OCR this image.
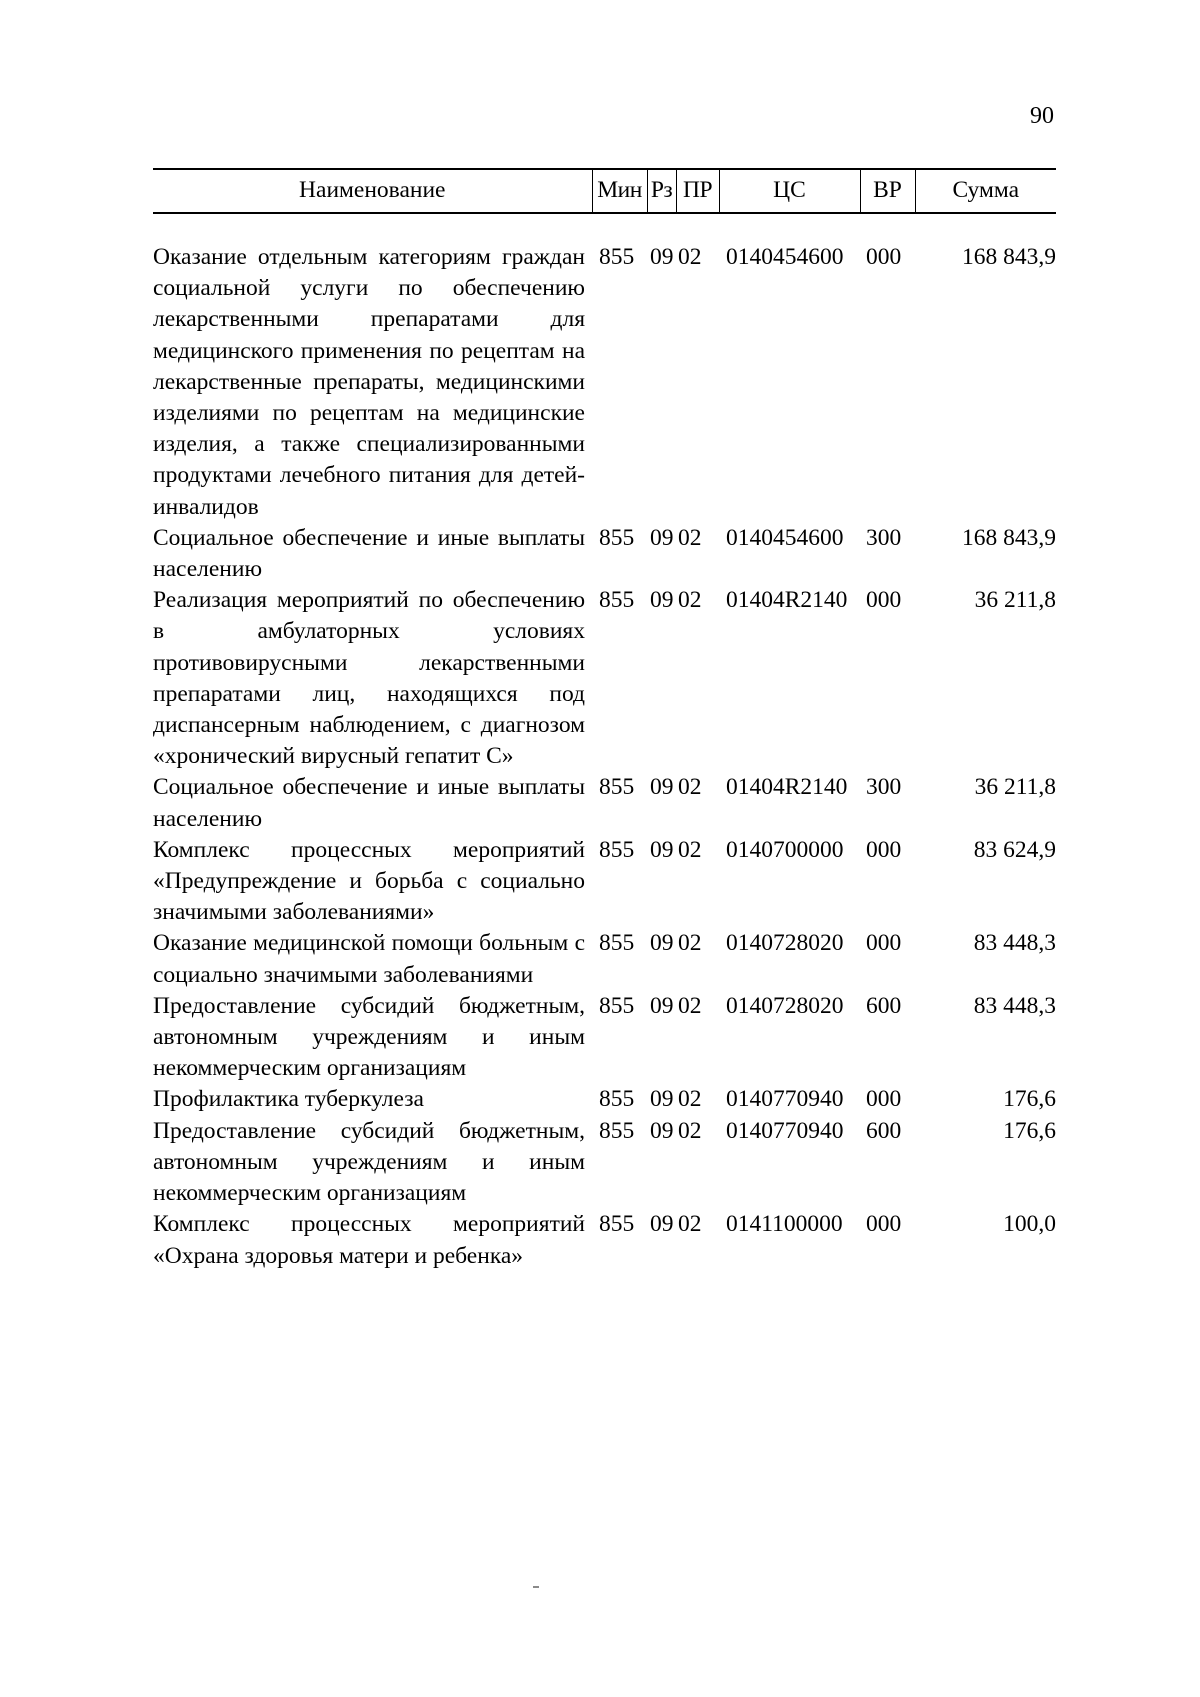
90
Наименование	Мин	Рз	ПР	ЦС	ВР	Сумма

Оказание отдельным категориям граждан социальной услуги по обеспечению лекарственными препаратами для медицинского применения по рецептам на лекарственные препараты, медицинскими изделиями по рецептам на медицинские изделия, а также специализированными продуктами лечебного питания для детей-инвалидов	855	09	02	0140454600	000	168 843,9
Социальное обеспечение и иные выплаты населению	855	09	02	0140454600	300	168 843,9
Реализация мероприятий по обеспечению в амбулаторных условиях противовирусными лекарственными препаратами лиц, находящихся под диспансерным наблюдением, с диагнозом «хронический вирусный гепатит С»	855	09	02	01404R2140	000	36 211,8
Социальное обеспечение и иные выплаты населению	855	09	02	01404R2140	300	36 211,8
Комплекс процессных мероприятий «Предупреждение и борьба с социально значимыми заболеваниями»	855	09	02	0140700000	000	83 624,9
Оказание медицинской помощи больным с социально значимыми заболеваниями	855	09	02	0140728020	000	83 448,3
Предоставление субсидий бюджетным, автономным учреждениям и иным некоммерческим организациям	855	09	02	0140728020	600	83 448,3
Профилактика туберкулеза	855	09	02	0140770940	000	176,6
Предоставление субсидий бюджетным, автономным учреждениям и иным некоммерческим организациям	855	09	02	0140770940	600	176,6
Комплекс процессных мероприятий «Охрана здоровья матери и ребенка»	855	09	02	0141100000	000	100,0
